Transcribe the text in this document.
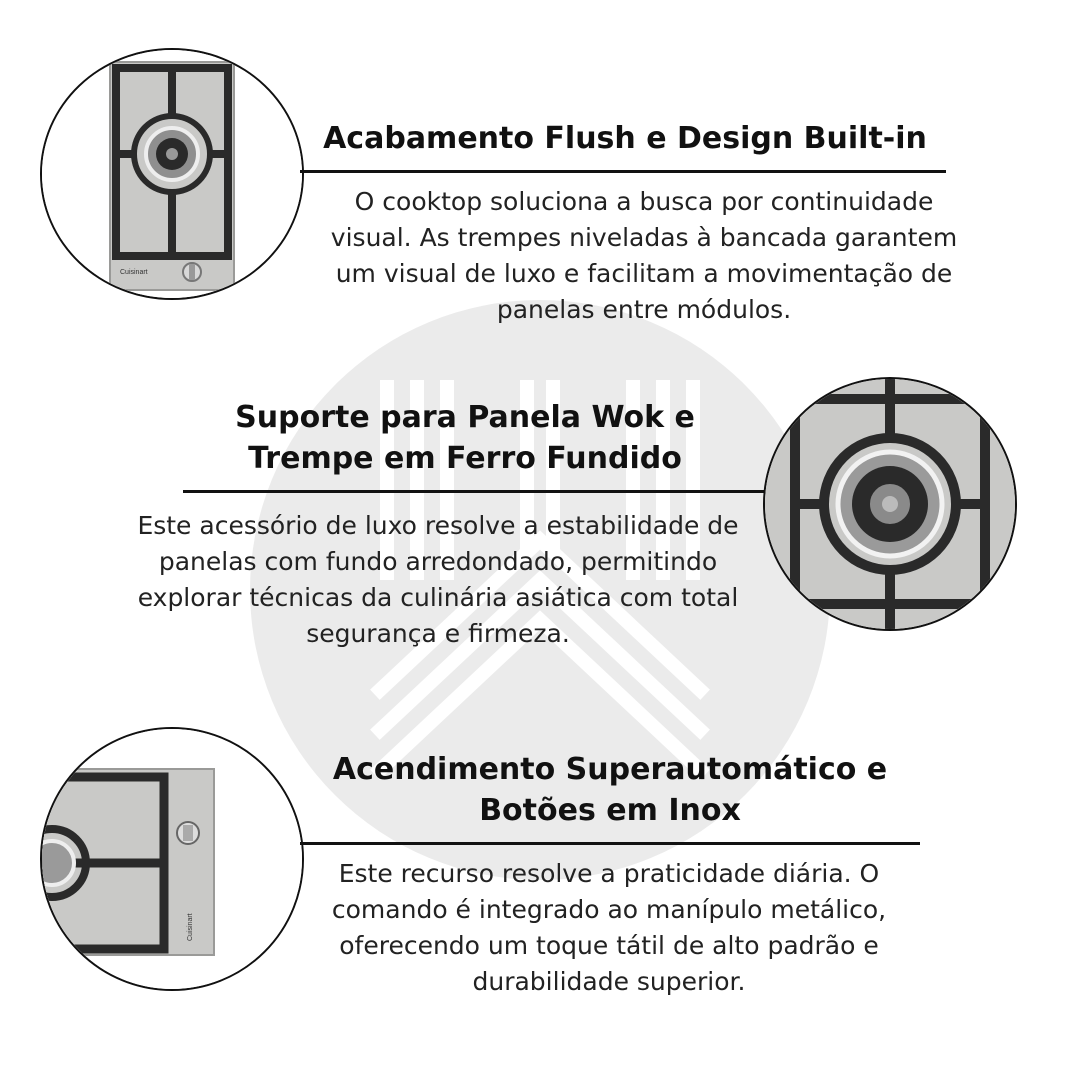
Cuisinart
Acabamento Flush e Design Built-in

O cooktop soluciona a busca por continuidade visual. As trempes niveladas à bancada garantem um visual de luxo e facilitam a movimentação de panelas entre módulos.

Suporte para Panela Wok e
Trempe em Ferro Fundido

Este acessório de luxo resolve a estabilidade de panelas com fundo arredondado, permitindo explorar técnicas da culinária asiática com total segurança e firmeza.

Cuisinart
Acendimento Superautomático e
Botões em Inox

Este recurso resolve a praticidade diária. O comando é integrado ao manípulo metálico, oferecendo um toque tátil de alto padrão e durabilidade superior.
